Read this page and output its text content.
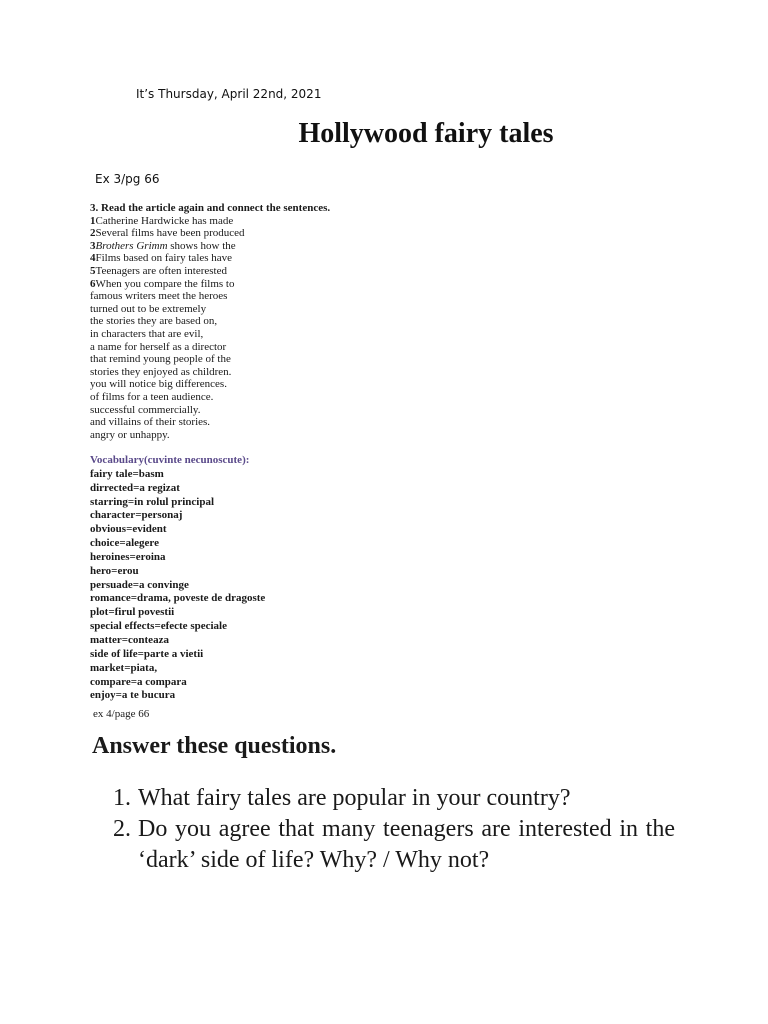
It’s Thursday, April 22nd, 2021
Hollywood fairy tales
Ex 3/pg 66
3. Read the article again and connect the sentences.
1Catherine Hardwicke has made
2Several films have been produced
3Brothers Grimm shows how the
4Films based on fairy tales have
5Teenagers are often interested
6When you compare the films to
famous writers meet the heroes
turned out to be extremely
the stories they are based on,
in characters that are evil,
a name for herself as a director
that remind young people of the
stories they enjoyed as children.
you will notice big differences.
of films for a teen audience.
successful commercially.
and villains of their stories.
angry or unhappy.
Vocabulary(cuvinte necunoscute):
fairy tale=basm
dirrected=a regizat
starring=in rolul principal
character=personaj
obvious=evident
choice=alegere
heroines=eroina
hero=erou
persuade=a convinge
romance=drama, poveste de dragoste
plot=firul povestii
special effects=efecte speciale
matter=conteaza
side of life=parte a vietii
market=piata,
compare=a compara
enjoy=a te bucura
ex 4/page 66
Answer these questions.
1. What fairy tales are popular in your country?
2. Do you agree that many teenagers are interested in the ‘dark’ side of life? Why? / Why not?
